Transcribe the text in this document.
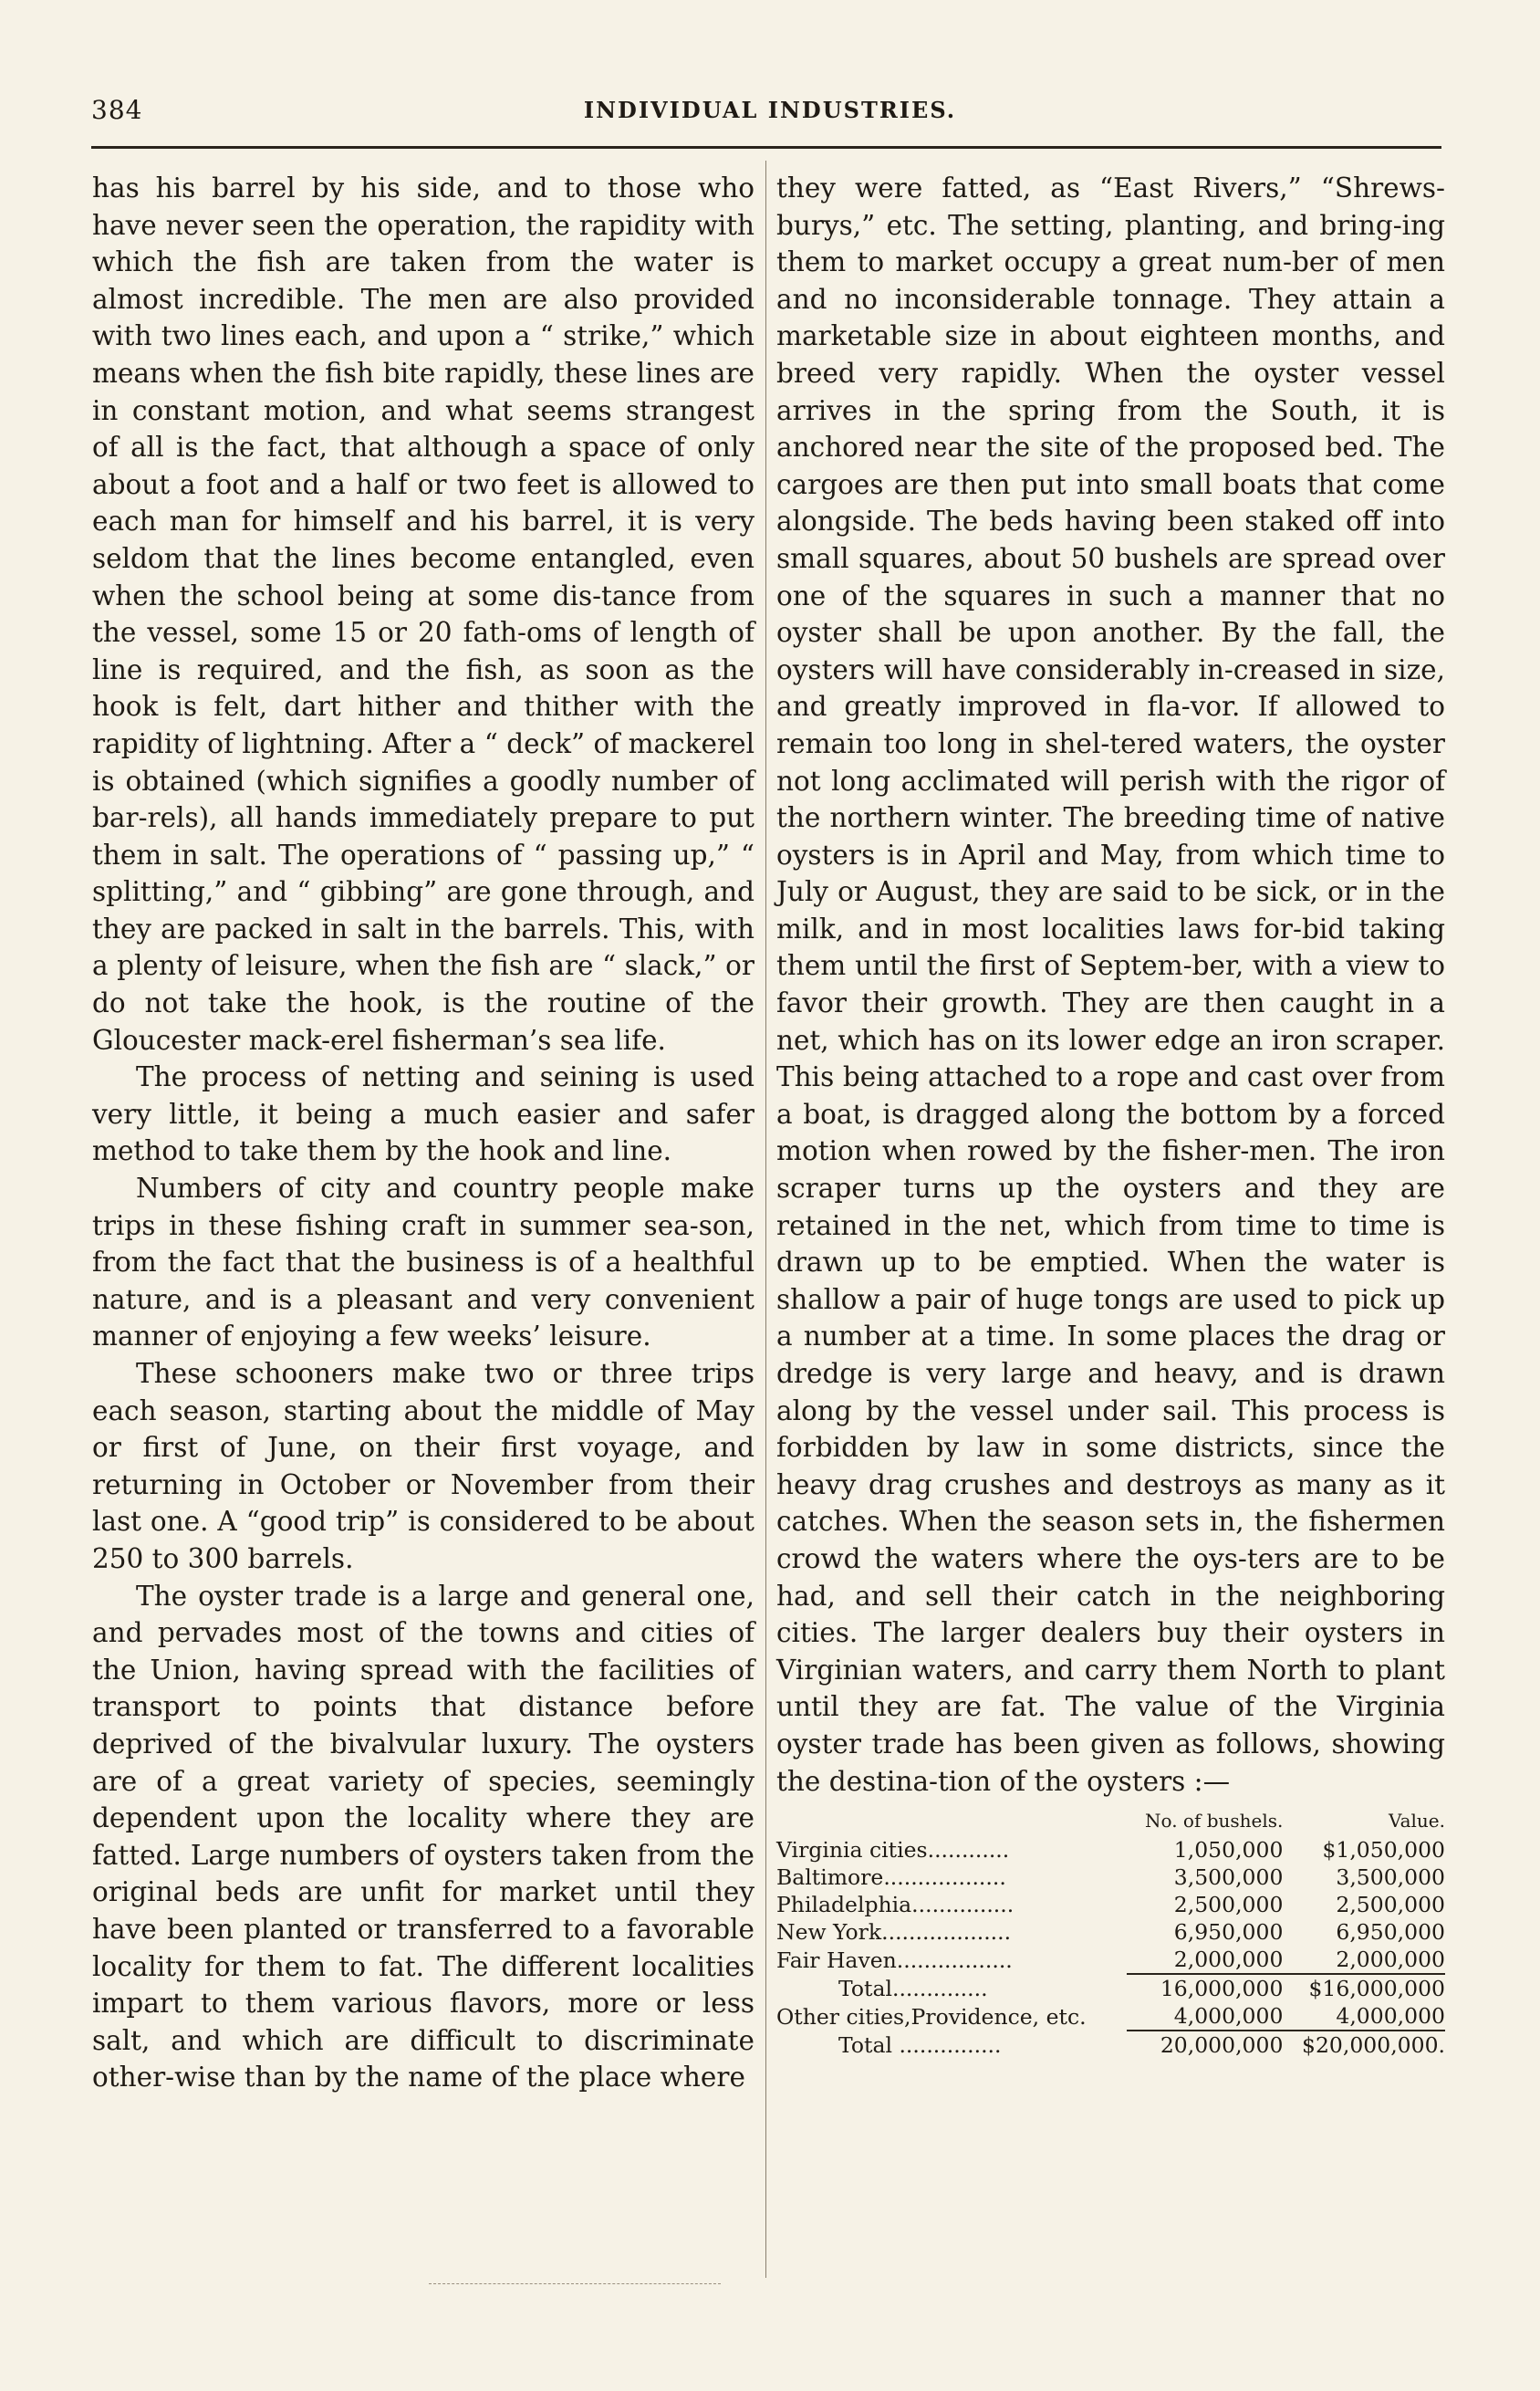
384	INDIVIDUAL INDUSTRIES.

has his barrel by his side, and to those who have never seen the operation, the rapidity with which the fish are taken from the water is almost incredible. The men are also provided with two lines each, and upon a “ strike,” which means when the fish bite rapidly, these lines are in constant motion, and what seems strangest of all is the fact, that although a space of only about a foot and a half or two feet is allowed to each man for himself and his barrel, it is very seldom that the lines become entangled, even when the school being at some dis-tance from the vessel, some 15 or 20 fath-oms of length of line is required, and the fish, as soon as the hook is felt, dart hither and thither with the rapidity of lightning. After a “ deck” of mackerel is obtained (which signifies a goodly number of bar-rels), all hands immediately prepare to put them in salt. The operations of “ passing up,” “ splitting,” and “ gibbing” are gone through, and they are packed in salt in the barrels. This, with a plenty of leisure, when the fish are “ slack,” or do not take the hook, is the routine of the Gloucester mack-erel fisherman’s sea life.

The process of netting and seining is used very little, it being a much easier and safer method to take them by the hook and line.

Numbers of city and country people make trips in these fishing craft in summer sea-son, from the fact that the business is of a healthful nature, and is a pleasant and very convenient manner of enjoying a few weeks’ leisure.

These schooners make two or three trips each season, starting about the middle of May or first of June, on their first voyage, and returning in October or November from their last one. A “good trip” is considered to be about 250 to 300 barrels.

The oyster trade is a large and general one, and pervades most of the towns and cities of the Union, having spread with the facilities of transport to points that distance before deprived of the bivalvular luxury. The oysters are of a great variety of species, seemingly dependent upon the locality where they are fatted. Large numbers of oysters taken from the original beds are unfit for market until they have been planted or transferred to a favorable locality for them to fat. The different localities impart to them various flavors, more or less salt, and which are difficult to discriminate other-wise than by the name of the place where

they were fatted, as “East Rivers,” “Shrews-burys,” etc. The setting, planting, and bring-ing them to market occupy a great num-ber of men and no inconsiderable tonnage. They attain a marketable size in about eighteen months, and breed very rapidly. When the oyster vessel arrives in the spring from the South, it is anchored near the site of the proposed bed. The cargoes are then put into small boats that come alongside. The beds having been staked off into small squares, about 50 bushels are spread over one of the squares in such a manner that no oyster shall be upon another. By the fall, the oysters will have considerably in-creased in size, and greatly improved in fla-vor. If allowed to remain too long in shel-tered waters, the oyster not long acclimated will perish with the rigor of the northern winter. The breeding time of native oysters is in April and May, from which time to July or August, they are said to be sick, or in the milk, and in most localities laws for-bid taking them until the first of Septem-ber, with a view to favor their growth. They are then caught in a net, which has on its lower edge an iron scraper. This being attached to a rope and cast over from a boat, is dragged along the bottom by a forced motion when rowed by the fisher-men. The iron scraper turns up the oysters and they are retained in the net, which from time to time is drawn up to be emptied. When the water is shallow a pair of huge tongs are used to pick up a number at a time. In some places the drag or dredge is very large and heavy, and is drawn along by the vessel under sail. This process is forbidden by law in some districts, since the heavy drag crushes and destroys as many as it catches. When the season sets in, the fishermen crowd the waters where the oys-ters are to be had, and sell their catch in the neighboring cities. The larger dealers buy their oysters in Virginian waters, and carry them North to plant until they are fat. The value of the Virginia oyster trade has been given as follows, showing the destina-tion of the oysters :—

	No. of bushels.	Value.
Virginia cities............	1,050,000	$1,050,000
Baltimore..................	3,500,000	3,500,000
Philadelphia...............	2,500,000	2,500,000
New York...................	6,950,000	6,950,000
Fair Haven.................	2,000,000	2,000,000
Total..............	16,000,000	$16,000,000
Other cities,Providence, etc.	4,000,000	4,000,000
Total ...............	20,000,000	$20,000,000.
